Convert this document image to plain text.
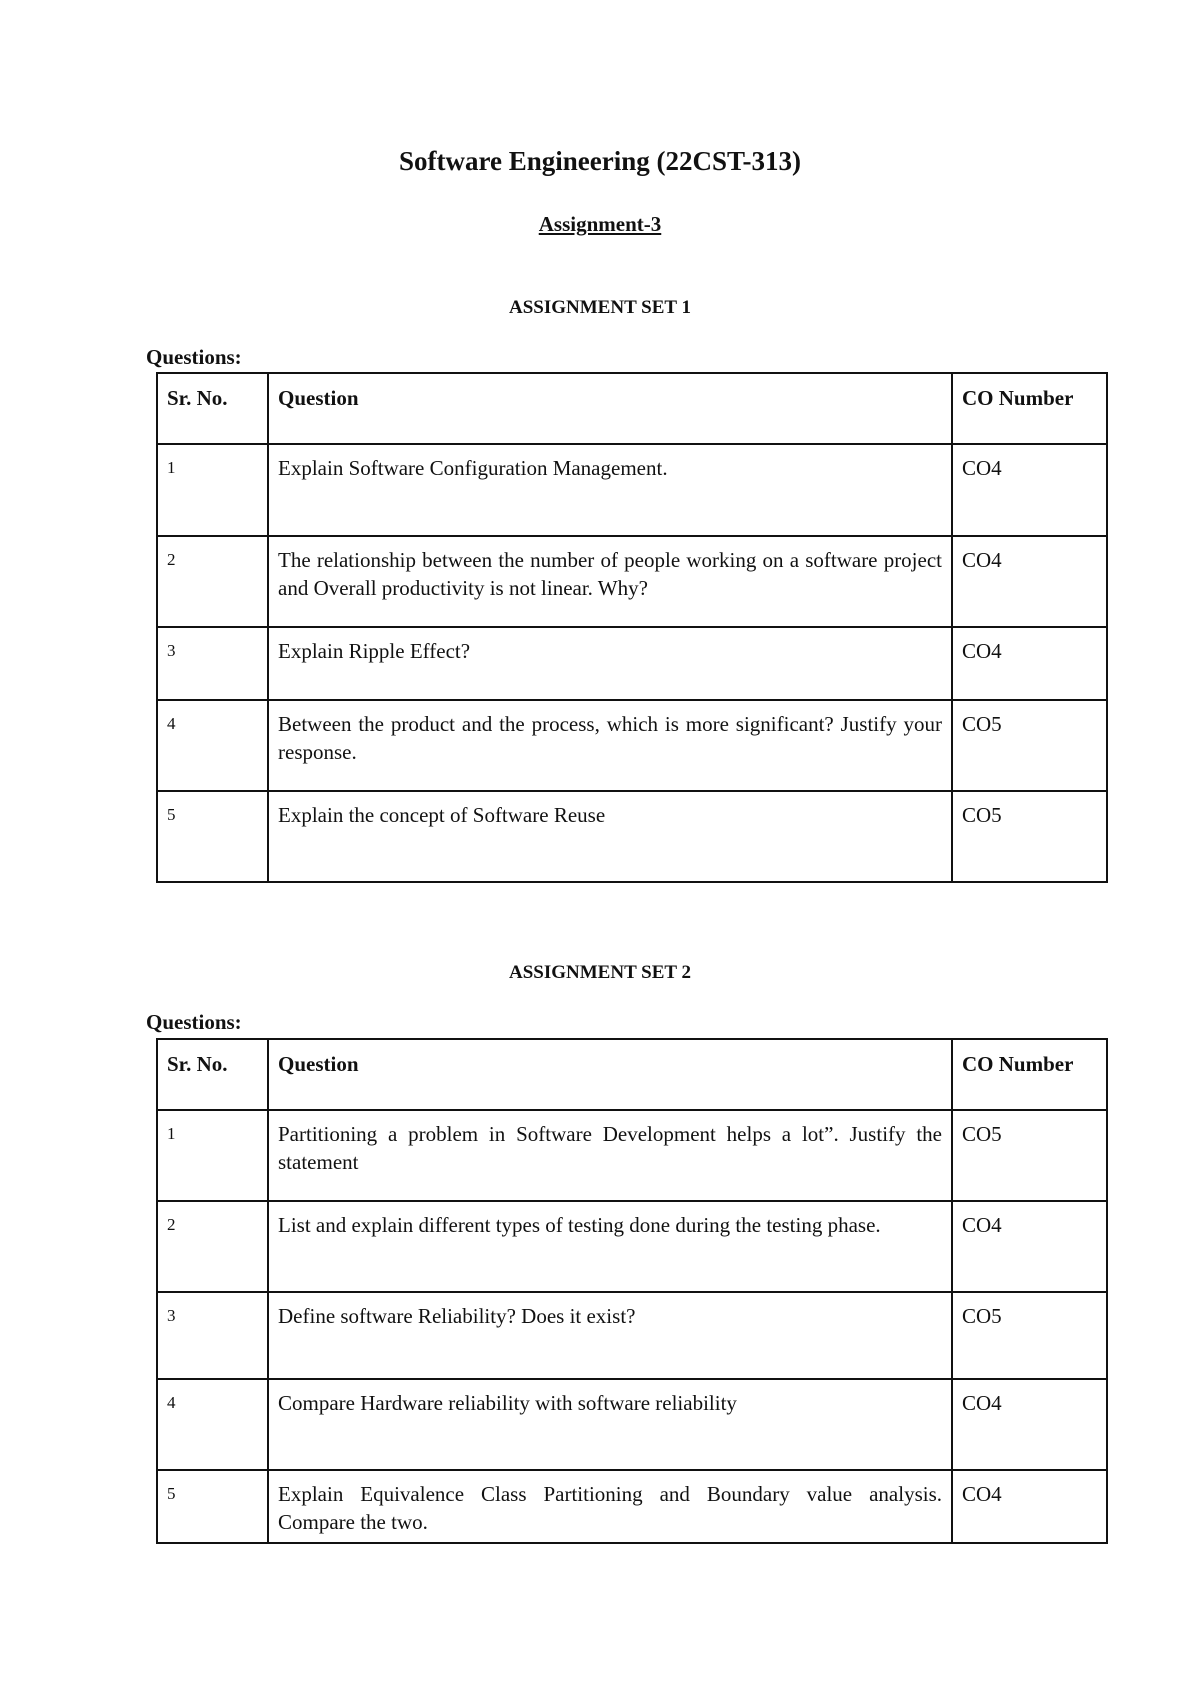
Software Engineering (22CST-313)
Assignment-3
ASSIGNMENT SET 1

Questions:

Sr. No.	Question	CO Number
1	Explain Software Configuration Management.	CO4
2	The relationship between the number of people working on a software project and Overall productivity is not linear. Why?	CO4
3	Explain Ripple Effect?	CO4
4	Between the product and the process, which is more significant? Justify your response.	CO5
5	Explain the concept of Software Reuse	CO5
ASSIGNMENT SET 2

Questions:

Sr. No.	Question	CO Number
1	Partitioning a problem in Software Development helps a lot”. Justify the statement	CO5
2	List and explain different types of testing done during the testing phase.	CO4
3	Define software Reliability? Does it exist?	CO5
4	Compare Hardware reliability with software reliability	CO4
5	Explain Equivalence Class Partitioning and Boundary value analysis. Compare the two.	CO4
